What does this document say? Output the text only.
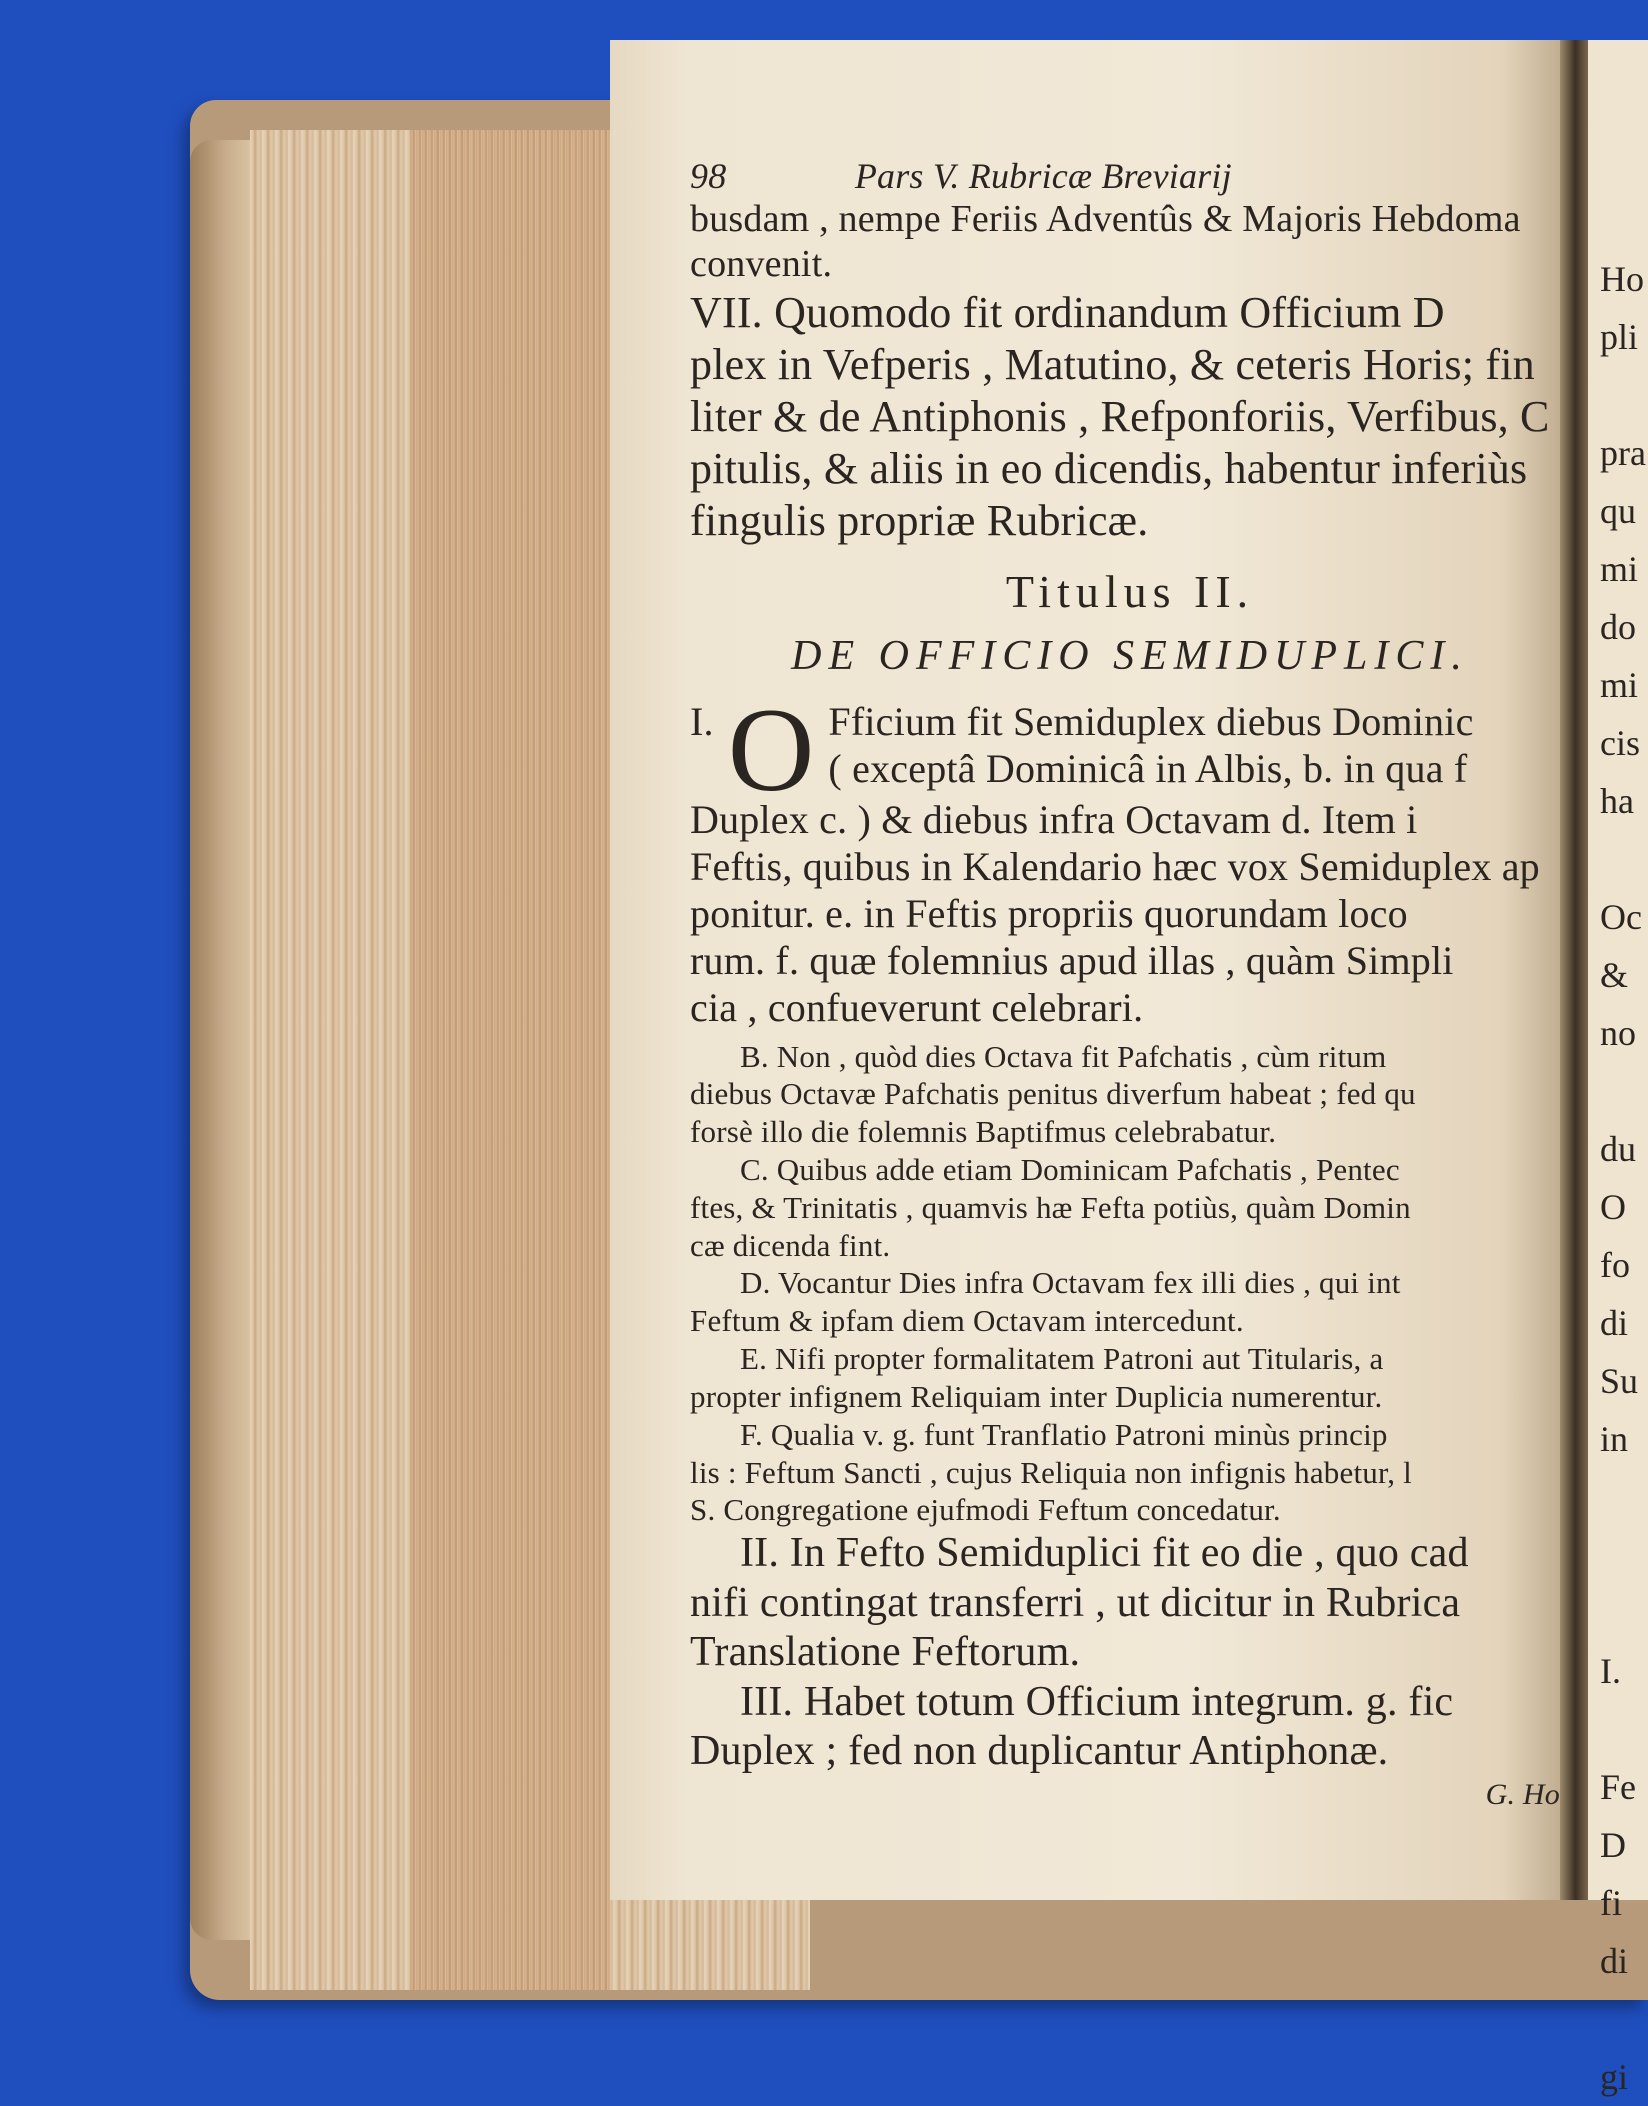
98	Pars V. Rubricæ Breviarij
busdam , nempe Feriis Adventûs & Majoris Hebdoma
convenit.
VII. Quomodo fit ordinandum Officium D
plex in Vefperis , Matutino, & ceteris Horis; fin
liter & de Antiphonis , Refponforiis, Verfibus, C
pitulis, & aliis in eo dicendis, habentur inferiùs
fingulis propriæ Rubricæ.
Titulus II.
DE OFFICIO SEMIDUPLICI.
I. O Fficium fit Semiduplex diebus Dominic
( exceptâ Dominicâ in Albis, b. in qua f
Duplex c. ) & diebus infra Octavam d. Item i
Feftis, quibus in Kalendario hæc vox Semiduplex ap
ponitur. e. in Feftis propriis quorundam loco
rum. f. quæ folemnius apud illas , quàm Simpli
cia , confueverunt celebrari.
B. Non , quòd dies Octava fit Pafchatis , cùm ritum
diebus Octavæ Pafchatis penitus diverfum habeat ; fed qu
forsè illo die folemnis Baptifmus celebrabatur.
C. Quibus adde etiam Dominicam Pafchatis , Pentec
ftes, & Trinitatis , quamvis hæ Fefta potiùs, quàm Domin
cæ dicenda fint.
D. Vocantur Dies infra Octavam fex illi dies , qui int
Feftum & ipfam diem Octavam intercedunt.
E. Nifi propter formalitatem Patroni aut Titularis, a
propter infignem Reliquiam inter Duplicia numerentur.
F. Qualia v. g. funt Tranflatio Patroni minùs princip
lis : Feftum Sancti , cujus Reliquia non infignis habetur, l
S. Congregatione ejufmodi Feftum concedatur.
II. In Fefto Semiduplici fit eo die , quo cad
nifi contingat transferri , ut dicitur in Rubrica
Translatione Feftorum.
III. Habet totum Officium integrum. g. fic
Duplex ; fed non duplicantur Antiphonæ.
G. Ho
Ho
pli

pra
qu
mi
do
mi
cis
ha

Oc
&
no

du
O
fo
di
Su
in

I.

Fe
D
fi
di

gi
